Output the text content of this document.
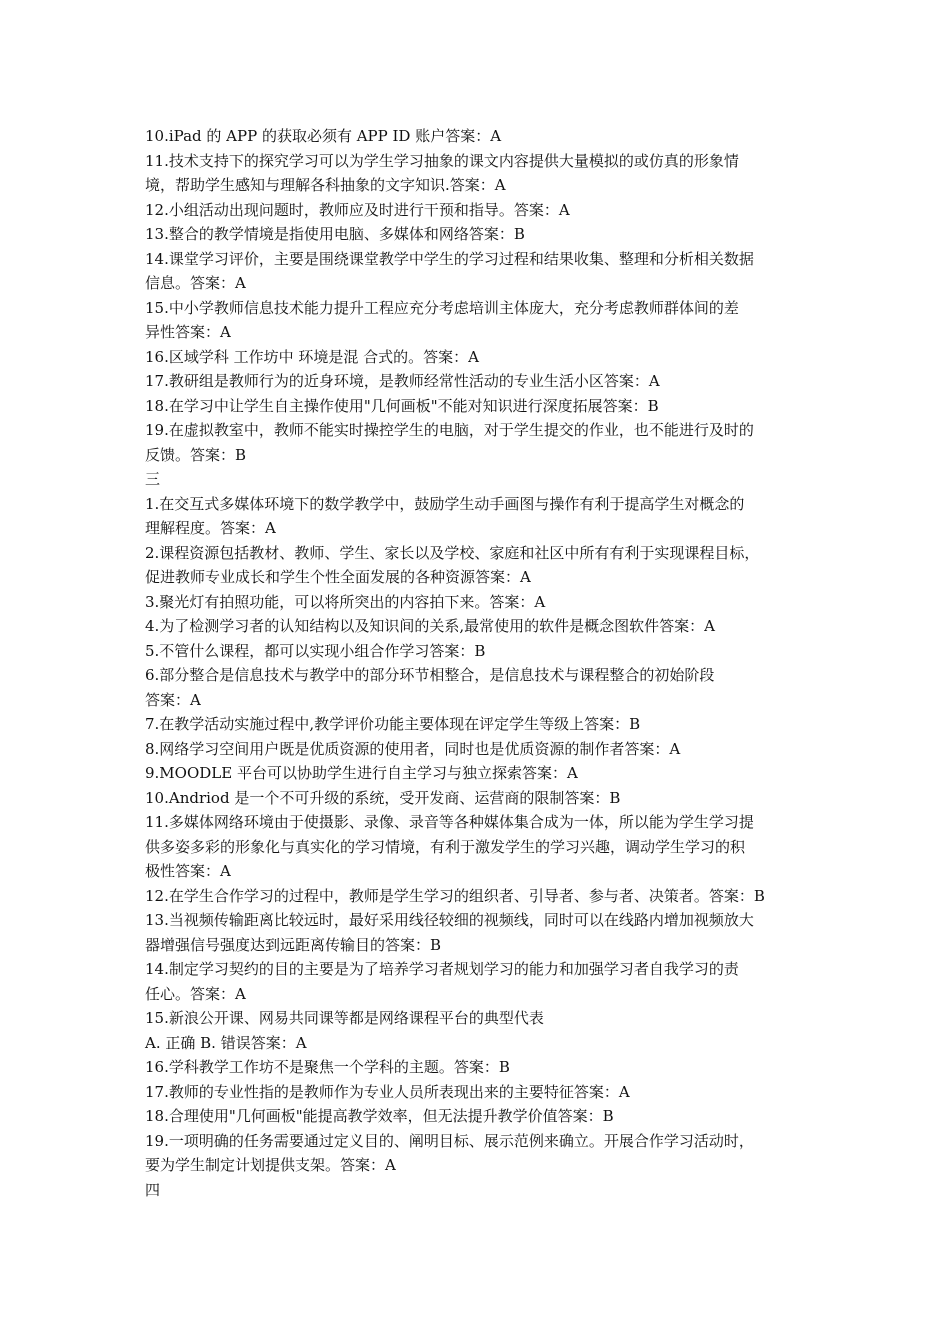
10.iPad 的 APP 的获取必须有 APP ID 账户答案：A
11.技术支持下的探究学习可以为学生学习抽象的课文内容提供大量模拟的或仿真的形象情
境，帮助学生感知与理解各科抽象的文字知识.答案：A
12.小组活动出现问题时，教师应及时进行干预和指导。答案：A
13.整合的教学情境是指使用电脑、多媒体和网络答案：B
14.课堂学习评价，主要是围绕课堂教学中学生的学习过程和结果收集、整理和分析相关数据
信息。答案：A
15.中小学教师信息技术能力提升工程应充分考虑培训主体庞大，充分考虑教师群体间的差
异性答案：A
16.区域学科 工作坊中 环境是混 合式的。答案：A
17.教研组是教师行为的近身环境，是教师经常性活动的专业生活小区答案：A
18.在学习中让学生自主操作使用"几何画板"不能对知识进行深度拓展答案：B
19.在虚拟教室中，教师不能实时操控学生的电脑，对于学生提交的作业，也不能进行及时的
反馈。答案：B
三
1.在交互式多媒体环境下的数学教学中，鼓励学生动手画图与操作有利于提高学生对概念的
理解程度。答案：A
2.课程资源包括教材、教师、学生、家长以及学校、家庭和社区中所有有利于实现课程目标，
促进教师专业成长和学生个性全面发展的各种资源答案：A
3.聚光灯有拍照功能，可以将所突出的内容拍下来。答案：A
4.为了检测学习者的认知结构以及知识间的关系,最常使用的软件是概念图软件答案：A
5.不管什么课程，都可以实现小组合作学习答案：B
6.部分整合是信息技术与教学中的部分环节相整合，是信息技术与课程整合的初始阶段
答案：A
7.在教学活动实施过程中,教学评价功能主要体现在评定学生等级上答案：B
8.网络学习空间用户既是优质资源的使用者，同时也是优质资源的制作者答案：A
9.MOODLE 平台可以协助学生进行自主学习与独立探索答案：A
10.Andriod 是一个不可升级的系统，受开发商、运营商的限制答案：B
11.多媒体网络环境由于使摄影、录像、录音等各种媒体集合成为一体，所以能为学生学习提
供多姿多彩的形象化与真实化的学习情境，有利于激发学生的学习兴趣，调动学生学习的积
极性答案：A
12.在学生合作学习的过程中，教师是学生学习的组织者、引导者、参与者、决策者。答案：B
13.当视频传输距离比较远时，最好采用线径较细的视频线，同时可以在线路内增加视频放大
器增强信号强度达到远距离传输目的答案：B
14.制定学习契约的目的主要是为了培养学习者规划学习的能力和加强学习者自我学习的责
任心。答案：A
15.新浪公开课、网易共同课等都是网络课程平台的典型代表
A. 正确 B. 错误答案：A
16.学科教学工作坊不是聚焦一个学科的主题。答案：B
17.教师的专业性指的是教师作为专业人员所表现出来的主要特征答案：A
18.合理使用"几何画板"能提高教学效率，但无法提升教学价值答案：B
19.一项明确的任务需要通过定义目的、阐明目标、展示范例来确立。开展合作学习活动时，
要为学生制定计划提供支架。答案：A
四
